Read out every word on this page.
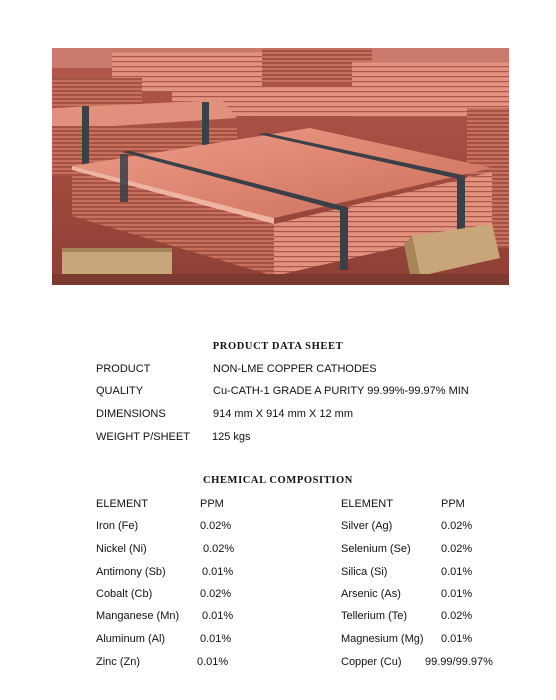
PRODUCT DATA SHEET
PRODUCT	NON-LME COPPER CATHODES
QUALITY	Cu-CATH-1 GRADE A PURITY 99.99%-99.97% MIN
DIMENSIONS	914 mm X 914 mm X 12 mm
WEIGHT P/SHEET 125 kgs
CHEMICAL COMPOSITION
ELEMENT	PPM	ELEMENT	PPM
Iron (Fe)	0.02%	Silver (Ag)	0.02%
Nickel (Ni)	0.02%	Selenium (Se)	0.02%
Antimony (Sb)	0.01%	Silica (Si)	0.01%
Cobalt (Cb)	0.02%	Arsenic (As)	0.01%
Manganese (Mn) 0.01%	Tellerium (Te)	0.02%
Aluminum (Al)	0.01%	Magnesium (Mg) 0.01%
Zinc (Zn)	0.01%	Copper (Cu) 99.99/99.97%
